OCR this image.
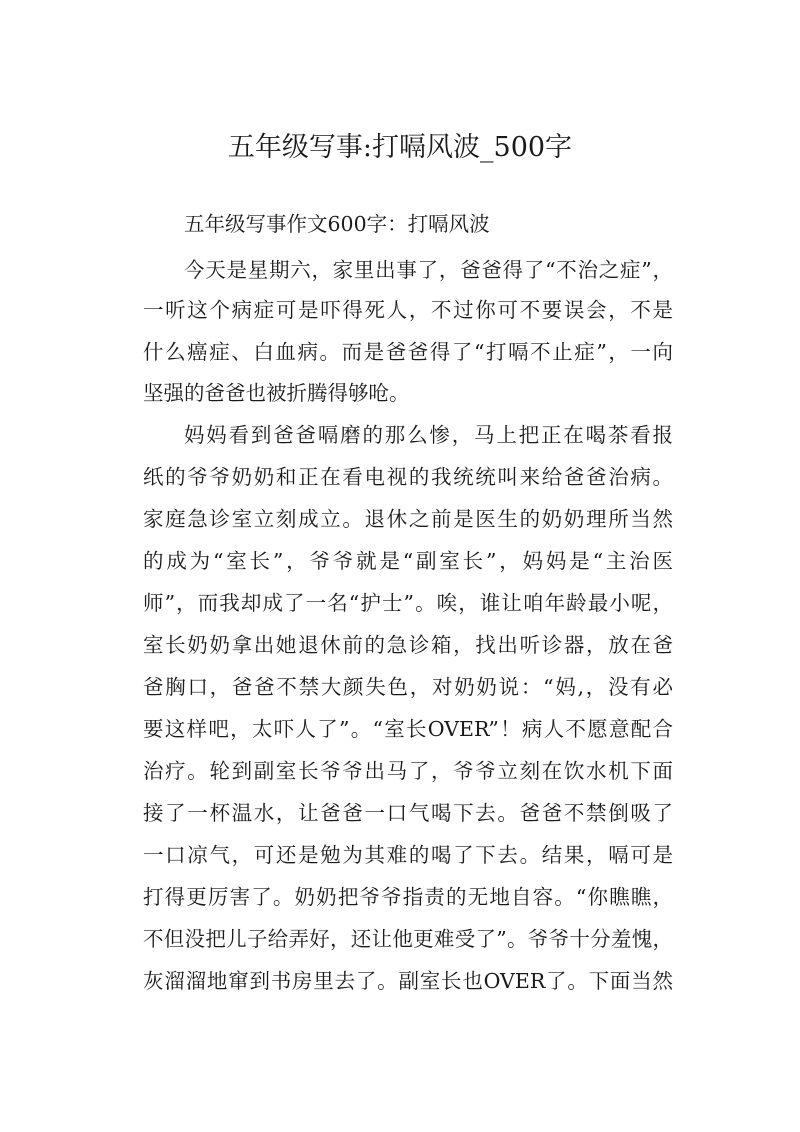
五年级写事:打嗝风波_500字
五年级写事作文600字：打嗝风波
今天是星期六，家里出事了，爸爸得了“不治之症”，
一听这个病症可是吓得死人，不过你可不要误会，不是
什么癌症、白血病。而是爸爸得了“打嗝不止症”，一向
坚强的爸爸也被折腾得够呛。
妈妈看到爸爸嗝磨的那么惨，马上把正在喝茶看报
纸的爷爷奶奶和正在看电视的我统统叫来给爸爸治病。
家庭急诊室立刻成立。退休之前是医生的奶奶理所当然
的成为“室长”，爷爷就是“副室长”，妈妈是“主治医
师”，而我却成了一名“护士”。唉，谁让咱年龄最小呢，
室长奶奶拿出她退休前的急诊箱，找出听诊器，放在爸
爸胸口，爸爸不禁大颜失色，对奶奶说：“妈,，没有必
要这样吧，太吓人了”。“室长OVER”！病人不愿意配合
治疗。轮到副室长爷爷出马了，爷爷立刻在饮水机下面
接了一杯温水，让爸爸一口气喝下去。爸爸不禁倒吸了
一口凉气，可还是勉为其难的喝了下去。结果，嗝可是
打得更厉害了。奶奶把爷爷指责的无地自容。“你瞧瞧，
不但没把儿子给弄好，还让他更难受了”。爷爷十分羞愧，
灰溜溜地窜到书房里去了。副室长也OVER了。下面当然
